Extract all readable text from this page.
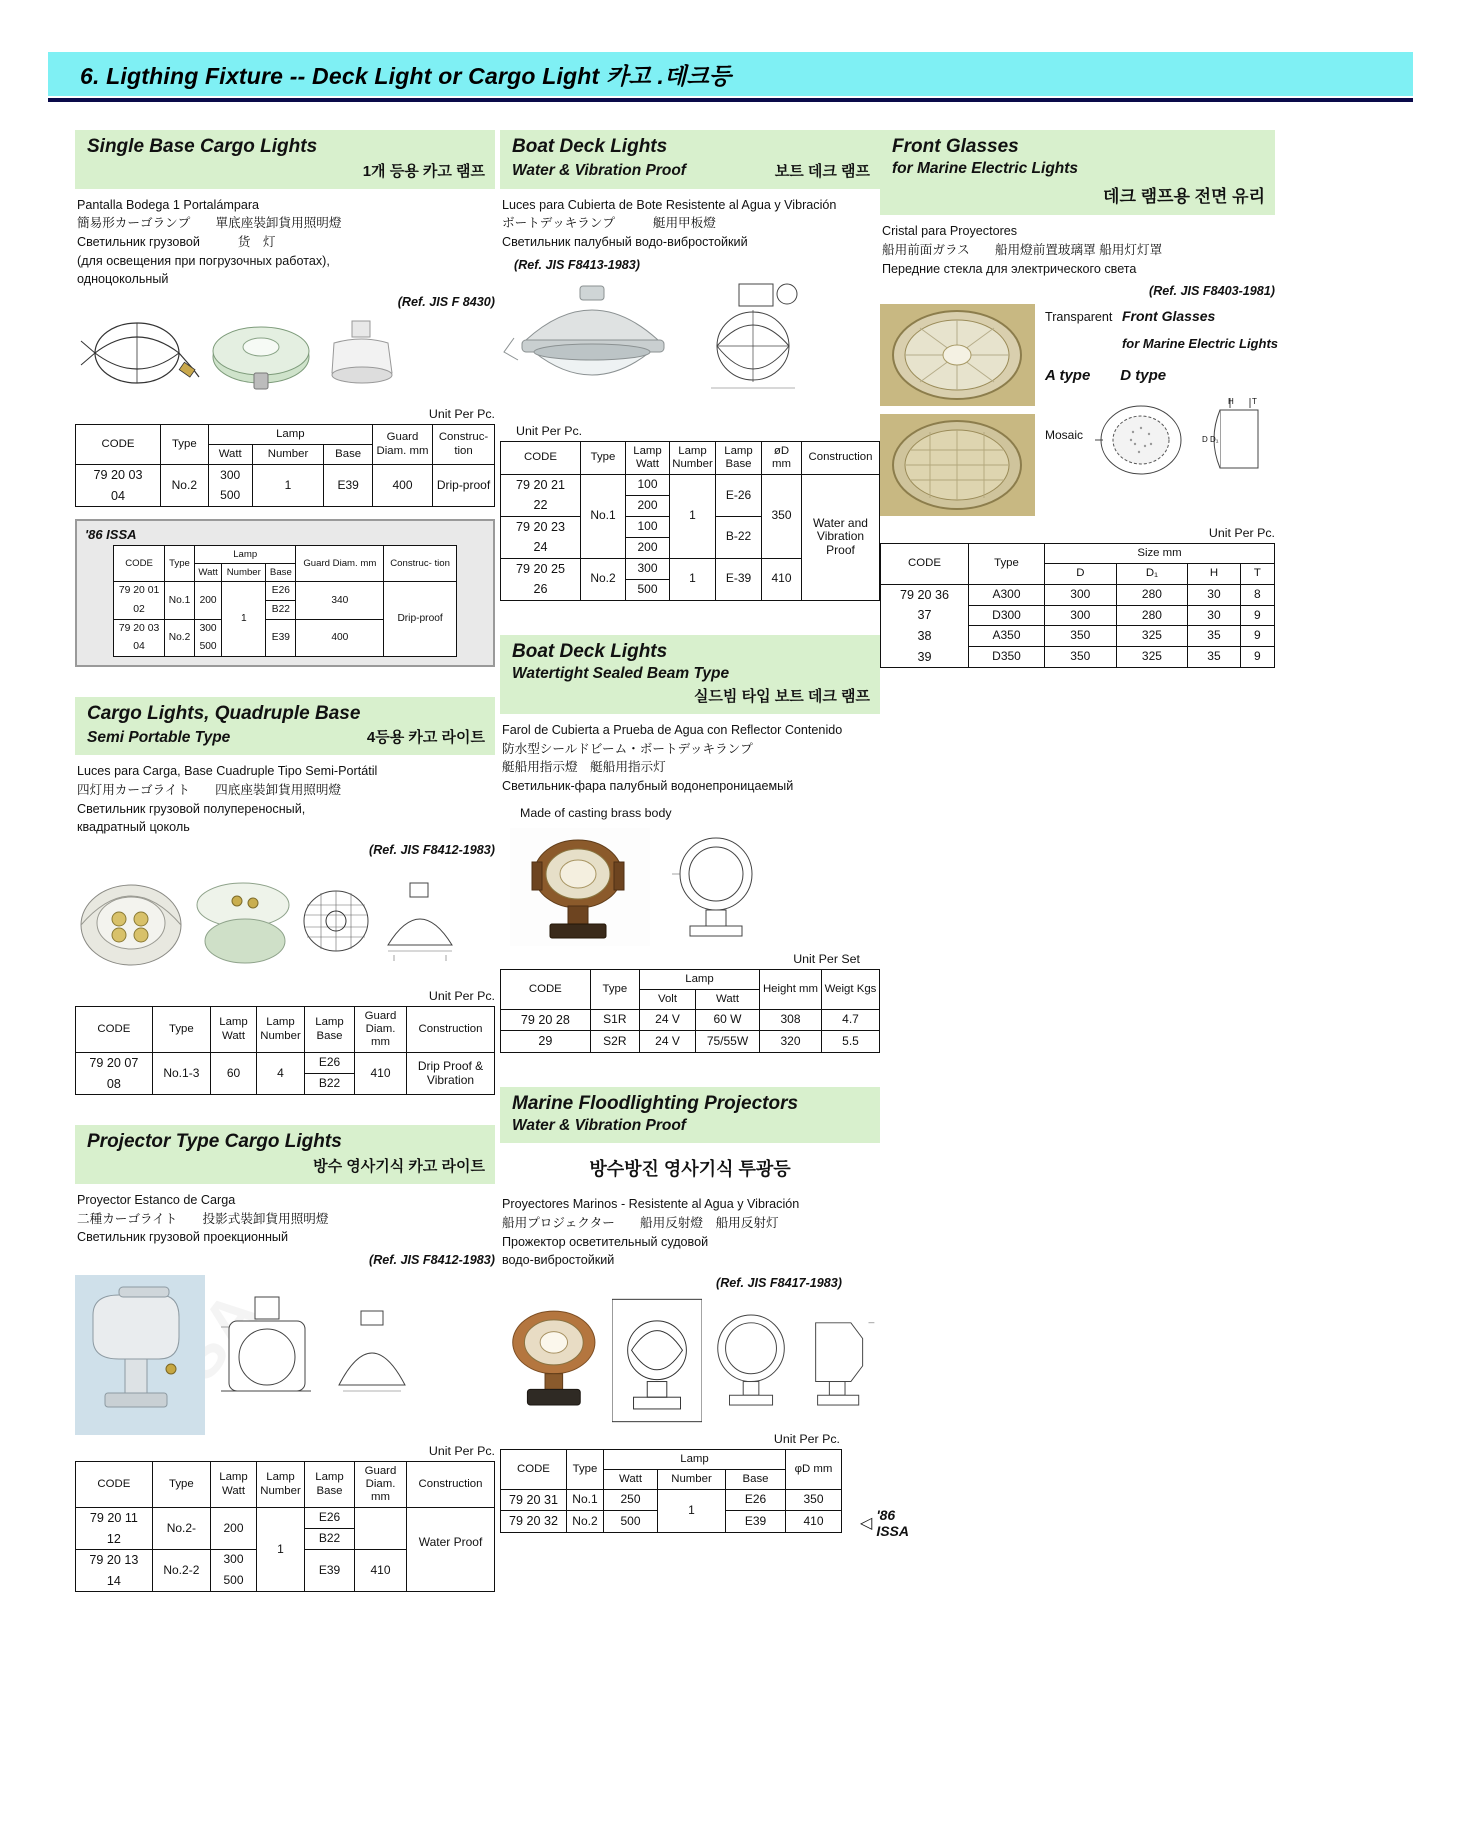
6. Ligthing Fixture -- Deck Light or Cargo Light 카고 .데크등
Single Base Cargo Lights
1개 등용 카고 램프
Pantalla Bodega 1 Portalámpara
簡易形カーゴランプ　　單底座裝卸貨用照明燈
Светильник грузовой　　　货　灯
(для освещения при погрузочных работах),
одноцокольный
(Ref. JIS F 8430)
Unit Per Pc.
CODE	Type	Lamp			Guard Diam. mm	Construc- tion
		Watt	Number	Base		
79 20 03	No.2	300	1	E39	400	Drip-proof
04		500				
'86 ISSA
CODE	Type	Lamp			Guard Diam. mm	Construc- tion
		Watt	Number	Base		
79 20 01	No.1	200	1	E26	340	Drip-proof
02				B22		
79 20 03	No.2	300		E39	400	
04		500				
Cargo Lights, Quadruple Base
Semi Portable Type	4등용 카고 라이트
Luces para Carga, Base Cuadruple Tipo Semi-Portátil
四灯用カーゴライト　　四底座裝卸貨用照明燈
Светильник грузовой полупереносный,
квадратный цоколь
(Ref. JIS F8412-1983)
Unit Per Pc.
CODE	Type	Lamp Watt	Lamp Number	Lamp Base	Guard Diam. mm	Construction
79 20 07	No.1-3	60	4	E26	410	Drip Proof & Vibration
08				B22		
Projector Type Cargo Lights
방수 영사기식 카고 라이트
Proyector Estanco de Carga
二種カーゴライト　　投影式裝卸貨用照明燈
Светильник грузовой проекционный
(Ref. JIS F8412-1983)
Unit Per Pc.
CODE	Type	Lamp Watt	Lamp Number	Lamp Base	Guard Diam. mm	Construction
79 20 11	No.2-	200	1	E26		Water Proof

12				B22		
79 20 13	No.2-2	300		E39	410	
14		500				
Boat Deck Lights
Water & Vibration Proof	보트 데크 램프
Luces para Cubierta de Bote Resistente al Agua y Vibración
ボートデッキランプ　　　艇用甲板燈
Светильник палубный водо-вибростойкий
(Ref. JIS F8413-1983)
Unit Per Pc.
CODE	Type	Lamp Watt	Lamp Number	Lamp Base	øD mm	Construction
79 20 21	No.1	100	1	E-26	350	Water and Vibration Proof
22		200				
79 20 23		100		B-22		
24		200				
79 20 25	No.2	300	1	E-39	410	
26		500				
Boat Deck Lights
Watertight Sealed Beam Type
실드빔 타입 보트 데크 램프
Farol de Cubierta a Prueba de Agua con Reflector Contenido
防水型シールドビーム・ボートデッキランプ
艇船用指示燈　艇船用指示灯
Светильник-фара палубный водонепроницаемый
Made of casting brass body
Unit Per Set
CODE	Type	Lamp		Height mm	Weigt Kgs
		Volt	Watt		
79 20 28	S1R	24 V	60 W	308	4.7
29	S2R	24 V	75/55W	320	5.5
Marine Floodlighting Projectors
Water & Vibration Proof
방수방진 영사기식 투광등
Proyectores Marinos - Resistente al Agua y Vibración
船用プロジェクター　　船用反射燈　船用反射灯
Прожектор осветительный судовой
водо-вибростойкий
(Ref. JIS F8417-1983)
Unit Per Pc.
CODE	Type	Lamp			φD mm
		Watt	Number	Base	
79 20 31	No.1	250	1	E26	350
79 20 32	No.2	500		E39	410 ◁ '86 ISSA
Front Glasses
for Marine Electric Lights
데크 램프용 전면 유리
Cristal para Proyectores
船用前面ガラス　　船用燈前置玻璃罩 船用灯灯罩
Передние стекла для электрического света
(Ref. JIS F8403-1981)
Transparent Front Glasses
for Marine Electric Lights
A type D type
Mosaic
H T
D D₁
Unit Per Pc.
CODE	Type	Size mm			
		D	D₁	H	T
79 20 36	A300	300	280	30	8
37	D300	300	280	30	9
38	A350	350	325	35	9
39	D350	350	325	35	9
